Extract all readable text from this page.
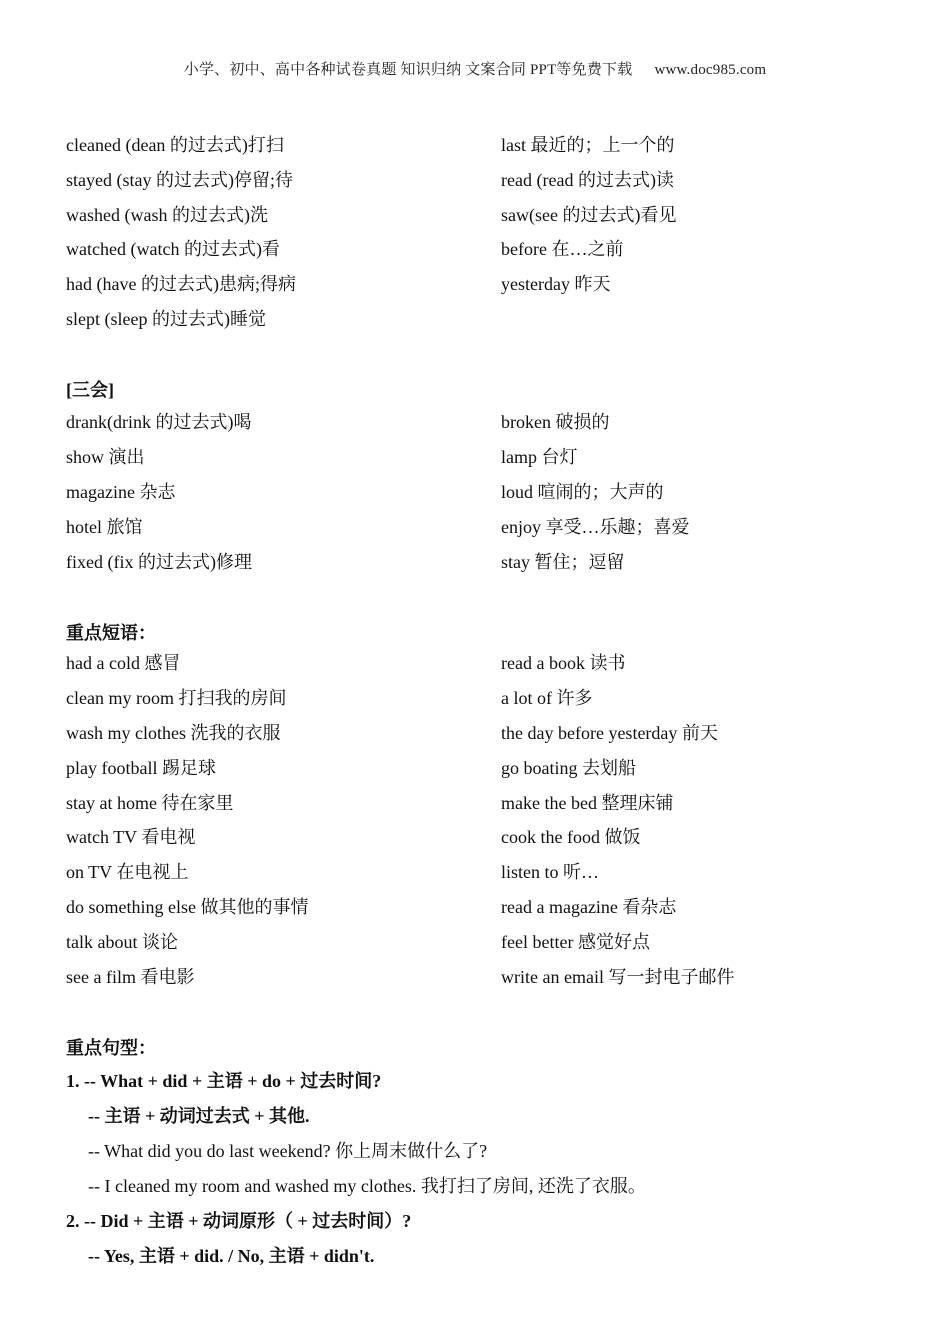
小学、初中、高中各种试卷真题 知识归纳 文案合同 PPT等免费下载 www.doc985.com
cleaned (dean 的过去式)打扫
stayed (stay 的过去式)停留;待
washed (wash 的过去式)洗
watched (watch 的过去式)看
had (have 的过去式)患病;得病
slept (sleep 的过去式)睡觉
last 最近的；上一个的
read (read 的过去式)读
saw(see 的过去式)看见
before 在…之前
yesterday 昨天
[三会]
drank(drink 的过去式)喝
show 演出
magazine 杂志
hotel 旅馆
fixed (fix 的过去式)修理
broken 破损的
lamp 台灯
loud 喧闹的；大声的
enjoy 享受…乐趣；喜爱
stay 暂住；逗留
重点短语：
had a cold 感冒
clean my room 打扫我的房间
wash my clothes 洗我的衣服
play football 踢足球
stay at home 待在家里
watch TV 看电视
on TV 在电视上
do something else 做其他的事情
talk about 谈论
see a film 看电影
read a book 读书
a lot of 许多
the day before yesterday 前天
go boating 去划船
make the bed 整理床铺
cook the food 做饭
listen to 听…
read a magazine 看杂志
feel better 感觉好点
write an email 写一封电子邮件
重点句型：
1. -- What + did + 主语 + do + 过去时间?
-- 主语 + 动词过去式 + 其他.
-- What did you do last weekend? 你上周末做什么了?
-- I cleaned my room and washed my clothes. 我打扫了房间, 还洗了衣服。
2. -- Did + 主语 + 动词原形（ + 过去时间）?
-- Yes, 主语 + did. / No, 主语 + didn't.
